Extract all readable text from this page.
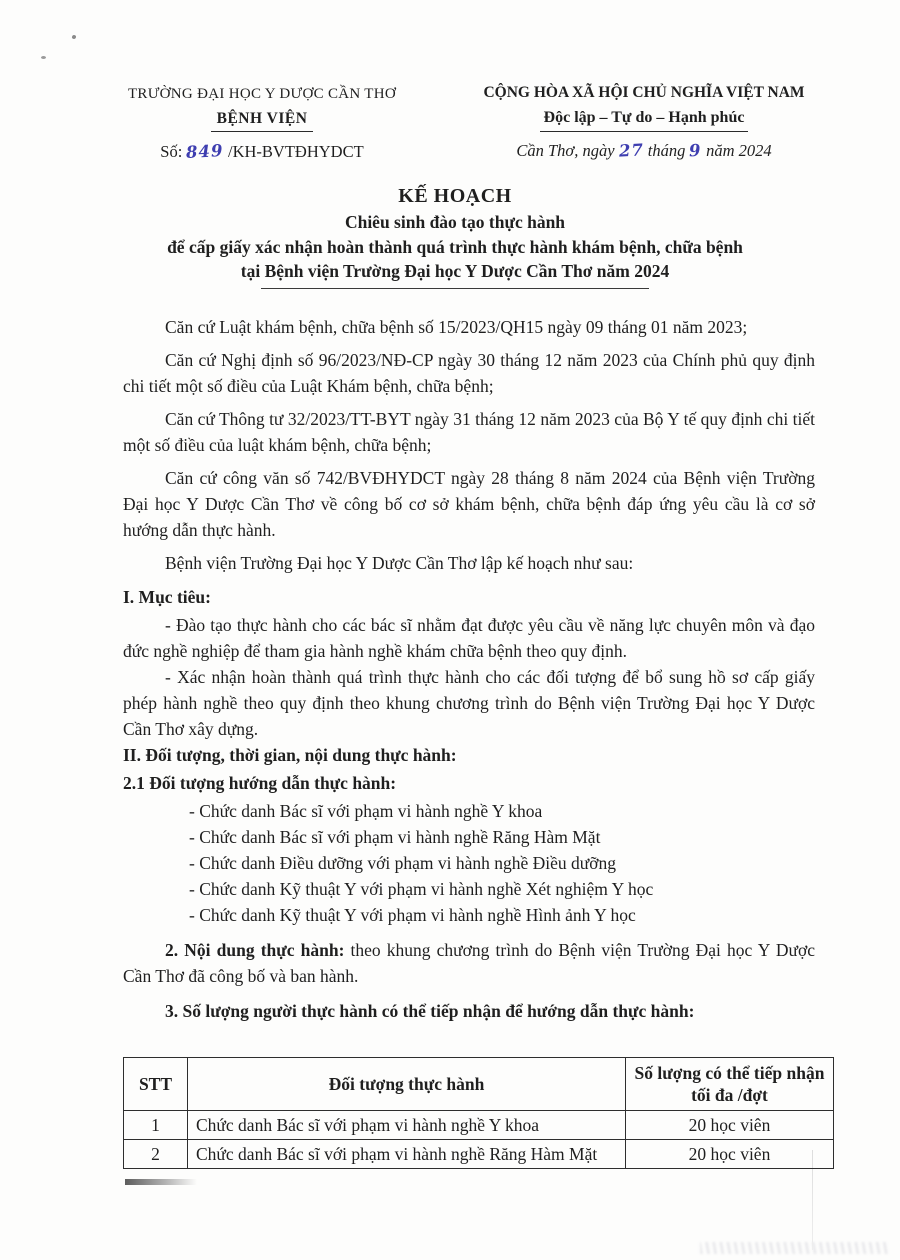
TRƯỜNG ĐẠI HỌC Y DƯỢC CẦN THƠ
BỆNH VIỆN
Số: 849 /KH-BVTĐHYDCT
CỘNG HÒA XÃ HỘI CHỦ NGHĨA VIỆT NAM
Độc lập – Tự do – Hạnh phúc
Cần Thơ, ngày 27 tháng 9 năm 2024
KẾ HOẠCH
Chiêu sinh đào tạo thực hành
để cấp giấy xác nhận hoàn thành quá trình thực hành khám bệnh, chữa bệnh
tại Bệnh viện Trường Đại học Y Dược Cần Thơ năm 2024

Căn cứ Luật khám bệnh, chữa bệnh số 15/2023/QH15 ngày 09 tháng 01 năm 2023;

Căn cứ Nghị định số 96/2023/NĐ-CP ngày 30 tháng 12 năm 2023 của Chính phủ quy định chi tiết một số điều của Luật Khám bệnh, chữa bệnh;

Căn cứ Thông tư 32/2023/TT-BYT ngày 31 tháng 12 năm 2023 của Bộ Y tế quy định chi tiết một số điều của luật khám bệnh, chữa bệnh;

Căn cứ công văn số 742/BVĐHYDCT ngày 28 tháng 8 năm 2024 của Bệnh viện Trường Đại học Y Dược Cần Thơ về công bố cơ sở khám bệnh, chữa bệnh đáp ứng yêu cầu là cơ sở hướng dẫn thực hành.

Bệnh viện Trường Đại học Y Dược Cần Thơ lập kế hoạch như sau:

I. Mục tiêu:

- Đào tạo thực hành cho các bác sĩ nhằm đạt được yêu cầu về năng lực chuyên môn và đạo đức nghề nghiệp để tham gia hành nghề khám chữa bệnh theo quy định.

- Xác nhận hoàn thành quá trình thực hành cho các đối tượng để bổ sung hồ sơ cấp giấy phép hành nghề theo quy định theo khung chương trình do Bệnh viện Trường Đại học Y Dược Cần Thơ xây dựng.

II. Đối tượng, thời gian, nội dung thực hành:
2.1 Đối tượng hướng dẫn thực hành:
- Chức danh Bác sĩ với phạm vi hành nghề Y khoa
- Chức danh Bác sĩ với phạm vi hành nghề Răng Hàm Mặt
- Chức danh Điều dưỡng với phạm vi hành nghề Điều dưỡng
- Chức danh Kỹ thuật Y với phạm vi hành nghề Xét nghiệm Y học
- Chức danh Kỹ thuật Y với phạm vi hành nghề Hình ảnh Y học

2. Nội dung thực hành: theo khung chương trình do Bệnh viện Trường Đại học Y Dược Cần Thơ đã công bố và ban hành.

3. Số lượng người thực hành có thể tiếp nhận để hướng dẫn thực hành:

STT	Đối tượng thực hành	Số lượng có thể tiếp nhận tối đa /đợt
1	Chức danh Bác sĩ với phạm vi hành nghề Y khoa	20 học viên
2	Chức danh Bác sĩ với phạm vi hành nghề Răng Hàm Mặt	20 học viên
